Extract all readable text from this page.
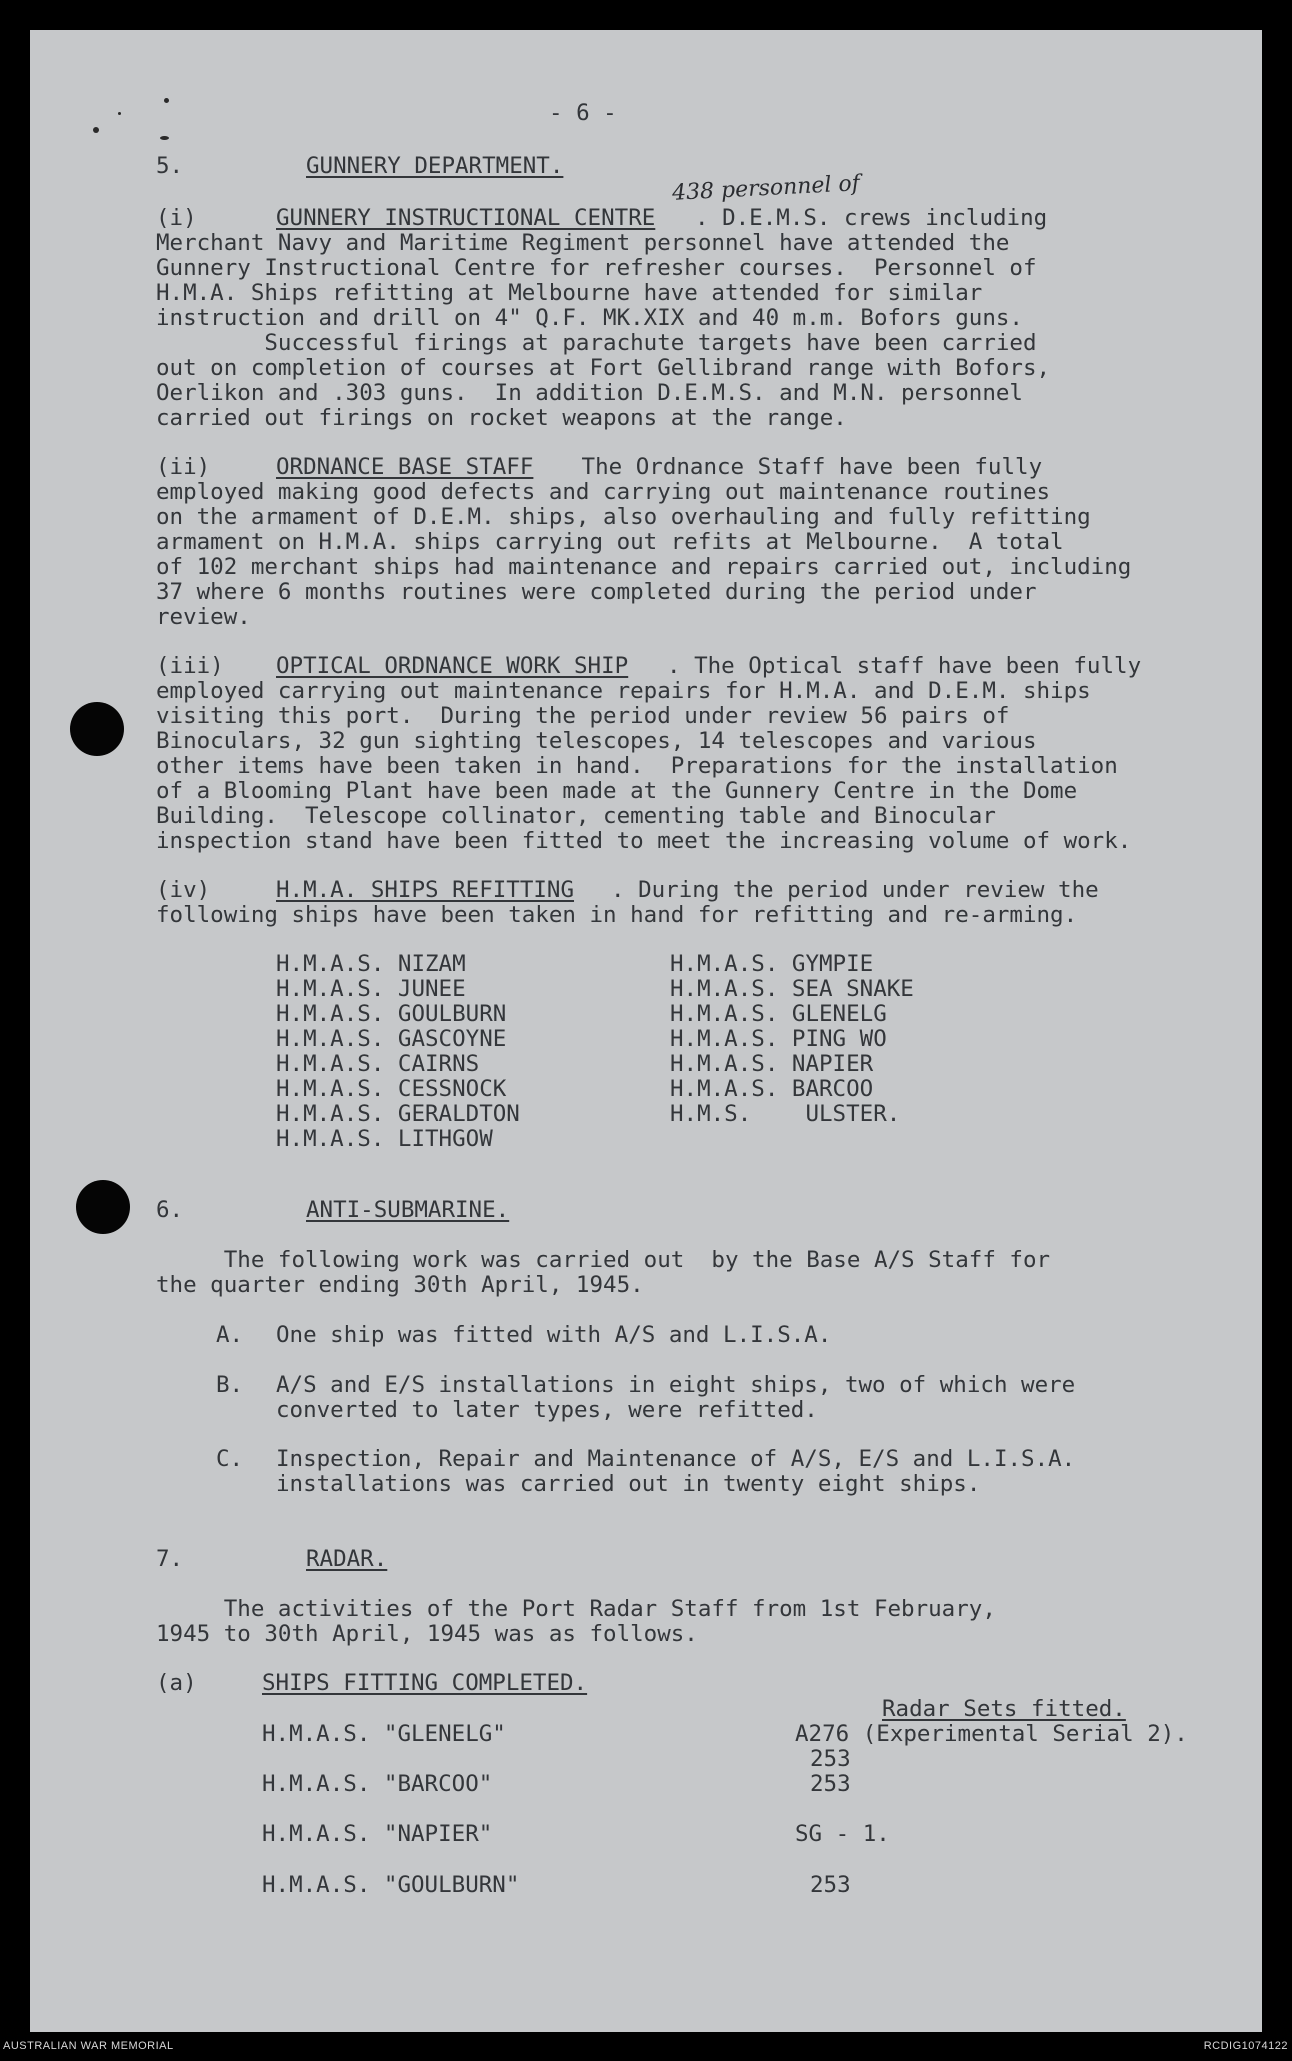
- 6 -
5.	GUNNERY DEPARTMENT.
438 personnel of
(i)	GUNNERY INSTRUCTIONAL CENTRE . D.E.M.S. crews including
Merchant Navy and Maritime Regiment personnel have attended the
Gunnery Instructional Centre for refresher courses.  Personnel of
H.M.A. Ships refitting at Melbourne have attended for similar
instruction and drill on 4" Q.F. MK.XIX and 40 m.m. Bofors guns.
Successful firings at parachute targets have been carried
out on completion of courses at Fort Gellibrand range with Bofors,
Oerlikon and .303 guns.  In addition D.E.M.S. and M.N. personnel
carried out firings on rocket weapons at the range.
(ii)	ORDNANCE BASE STAFF The Ordnance Staff have been fully
employed making good defects and carrying out maintenance routines
on the armament of D.E.M. ships, also overhauling and fully refitting
armament on H.M.A. ships carrying out refits at Melbourne.  A total
of 102 merchant ships had maintenance and repairs carried out, including
37 where 6 months routines were completed during the period under
review.
(iii) OPTICAL ORDNANCE WORK SHIP . The Optical staff have been fully
employed carrying out maintenance repairs for H.M.A. and D.E.M. ships
visiting this port.  During the period under review 56 pairs of
Binoculars, 32 gun sighting telescopes, 14 telescopes and various
other items have been taken in hand.  Preparations for the installation
of a Blooming Plant have been made at the Gunnery Centre in the Dome
Building.  Telescope collinator, cementing table and Binocular
inspection stand have been fitted to meet the increasing volume of work.
(iv)	H.M.A. SHIPS REFITTING . During the period under review the
following ships have been taken in hand for refitting and re-arming.
H.M.A.S. NIZAM
H.M.A.S. JUNEE
H.M.A.S. GOULBURN
H.M.A.S. GASCOYNE
H.M.A.S. CAIRNS
H.M.A.S. CESSNOCK
H.M.A.S. GERALDTON
H.M.A.S. LITHGOW
H.M.A.S. GYMPIE
H.M.A.S. SEA SNAKE
H.M.A.S. GLENELG
H.M.A.S. PING WO
H.M.A.S. NAPIER
H.M.A.S. BARCOO
H.M.S.    ULSTER.
6.	ANTI-SUBMARINE.
The following work was carried out  by the Base A/S Staff for
the quarter ending 30th April, 1945.
A. One ship was fitted with A/S and L.I.S.A.
B. A/S and E/S installations in eight ships, two of which were
converted to later types, were refitted.
C. Inspection, Repair and Maintenance of A/S, E/S and L.I.S.A.
installations was carried out in twenty eight ships.
7.	RADAR.
The activities of the Port Radar Staff from 1st February,
1945 to 30th April, 1945 was as follows.
(a)	SHIPS FITTING COMPLETED.
Radar Sets fitted.
H.M.A.S. "GLENELG"	A276 (Experimental Serial 2).
253
H.M.A.S. "BARCOO"	253
H.M.A.S. "NAPIER"	SG - 1.
H.M.A.S. "GOULBURN"	253
AUSTRALIAN WAR MEMORIAL	RCDIG1074122
